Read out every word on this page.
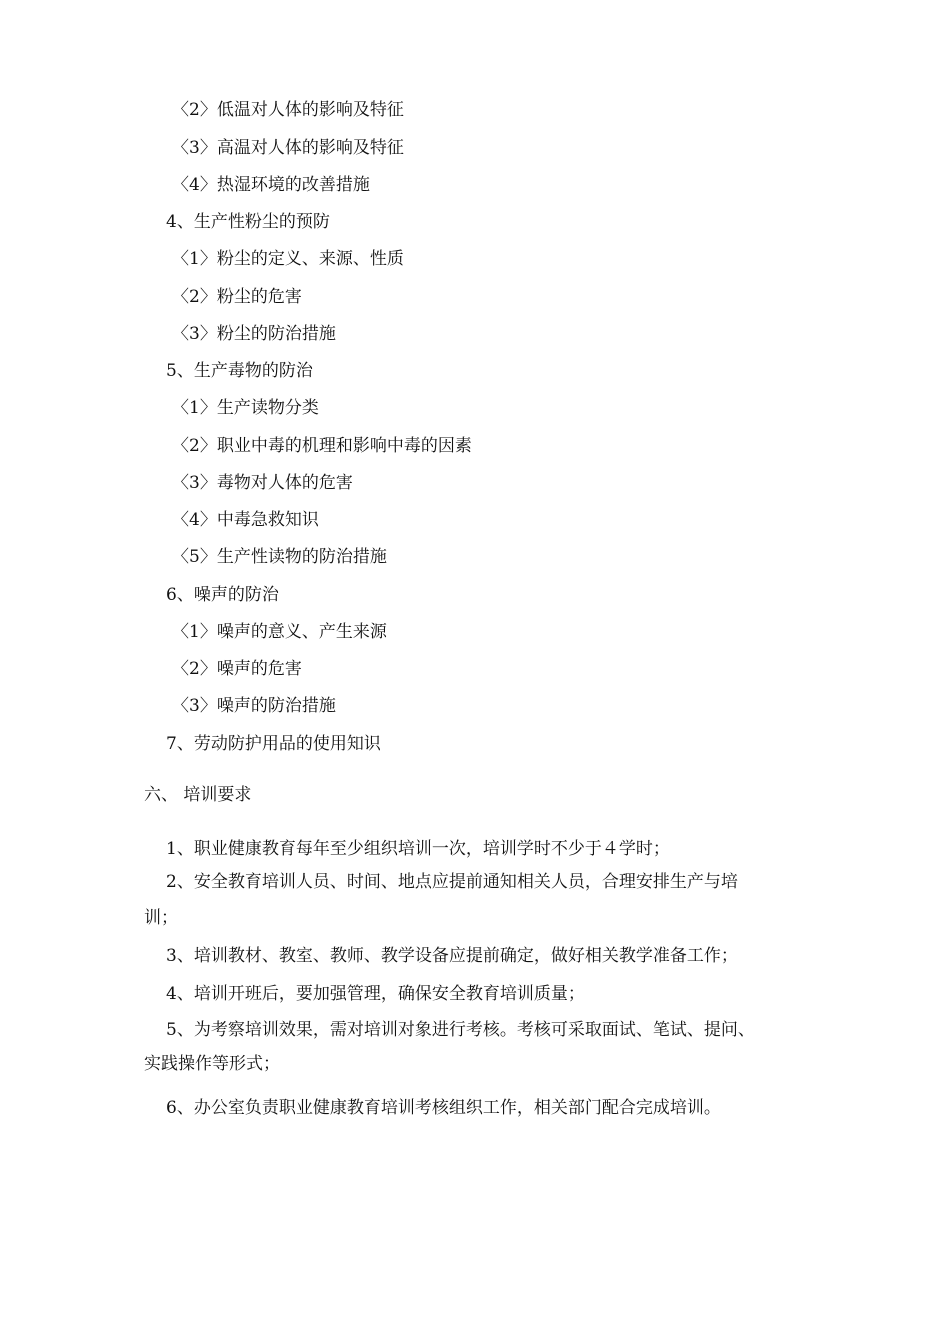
〈2〉低温对人体的影响及特征
〈3〉高温对人体的影响及特征
〈4〉热湿环境的改善措施
4、生产性粉尘的预防
〈1〉粉尘的定义、来源、性质
〈2〉粉尘的危害
〈3〉粉尘的防治措施
5、生产毒物的防治
〈1〉生产读物分类
〈2〉职业中毒的机理和影响中毒的因素
〈3〉毒物对人体的危害
〈4〉中毒急救知识
〈5〉生产性读物的防治措施
6、噪声的防治
〈1〉噪声的意义、产生来源
〈2〉噪声的危害
〈3〉噪声的防治措施
7、劳动防护用品的使用知识
六、 培训要求
1、职业健康教育每年至少组织培训一次，培训学时不少于４学时；
2、安全教育培训人员、时间、地点应提前通知相关人员，合理安排生产与培
训；
3、培训教材、教室、教师、教学设备应提前确定，做好相关教学准备工作；
4、培训开班后，要加强管理，确保安全教育培训质量；
5、为考察培训效果，需对培训对象进行考核。考核可采取面试、笔试、提问、
实践操作等形式；
6、办公室负责职业健康教育培训考核组织工作，相关部门配合完成培训。
